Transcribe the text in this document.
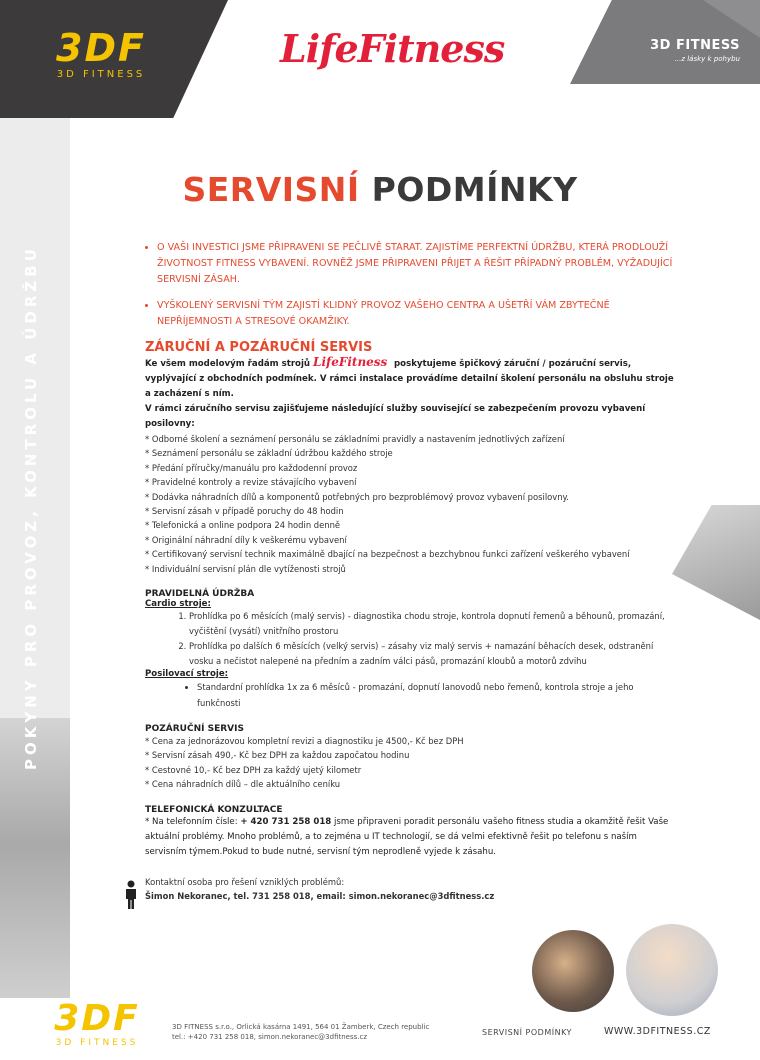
3DF
3D FITNESS
LifeFitness	3D FITNESS
...z lásky k pohybu
POKYNY PRO PROVOZ, KONTROLU A ÚDRŽBU
SERVISNÍ PODMÍNKY
• O VAŠI INVESTICI JSME PŘIPRAVENI SE PEČLIVĚ STARAT. ZAJISTÍME PERFEKTNÍ ÚDRŽBU, KTERÁ PRODLOUŽÍ ŽIVOTNOST FITNESS VYBAVENÍ. ROVNĚŽ JSME PŘIPRAVENI PŘIJET A ŘEŠIT PŘÍPADNÝ PROBLÉM, VYŽADUJÍCÍ SERVISNÍ ZÁSAH.
• VYŠKOLENÝ SERVISNÍ TÝM ZAJISTÍ KLIDNÝ PROVOZ VAŠEHO CENTRA A UŠETŘÍ VÁM ZBYTEČNÉ NEPŘÍJEMNOSTI A STRESOVÉ OKAMŽIKY.
ZÁRUČNÍ A POZÁRUČNÍ SERVIS
Ke všem modelovým řadám strojů LifeFitness poskytujeme špičkový záruční / pozáruční servis, vyplývající z obchodních podmínek. V rámci instalace provádíme detailní školení personálu na obsluhu stroje a zacházení s ním.
V rámci záručního servisu zajišťujeme následující služby související se zabezpečením provozu vybavení posilovny:
* Odborné školení a seznámení personálu se základními pravidly a nastavením jednotlivých zařízení
* Seznámení personálu se základní údržbou každého stroje
* Předání příručky/manuálu pro každodenní provoz
* Pravidelné kontroly a revize stávajícího vybavení
* Dodávka náhradních dílů a komponentů potřebných pro bezproblémový provoz vybavení posilovny.
* Servisní zásah v případě poruchy do 48 hodin
* Telefonická a online podpora 24 hodin denně
* Originální náhradní díly k veškerému vybavení
* Certifikovaný servisní technik maximálně dbající na bezpečnost a bezchybnou funkci zařízení veškerého vybavení
* Individuální servisní plán dle vytíženosti strojů
PRAVIDELNÁ ÚDRŽBA
Cardio stroje:
1. Prohlídka po 6 měsících (malý servis) - diagnostika chodu stroje, kontrola dopnutí řemenů a běhounů, promazání, vyčištění (vysátí) vnitřního prostoru
2. Prohlídka po dalších 6 měsících (velký servis) – zásahy viz malý servis + namazání běhacích desek, odstranění vosku a nečistot nalepené na předním a zadním válci pásů, promazání kloubů a motorů zdvihu
Posilovací stroje:
• Standardní prohlídka 1x za 6 měsíců - promazání, dopnutí lanovodů nebo řemenů, kontrola stroje a jeho funkčnosti
POZÁRUČNÍ SERVIS
* Cena za jednorázovou kompletní revizi a diagnostiku je 4500,- Kč bez DPH
* Servisní zásah 490,- Kč bez DPH za každou započatou hodinu
* Cestovné 10,- Kč bez DPH za každý ujetý kilometr
* Cena náhradních dílů – dle aktuálního ceníku
TELEFONICKÁ KONZULTACE
* Na telefonním čísle: + 420 731 258 018 jsme připraveni poradit personálu vašeho fitness studia a okamžitě řešit Vaše aktuální problémy. Mnoho problémů, a to zejména u IT technologií, se dá velmi efektivně řešit po telefonu s naším servisním týmem.Pokud to bude nutné, servisní tým neprodleně vyjede k zásahu.
Kontaktní osoba pro řešení vzniklých problémů:
Šimon Nekoranec, tel. 731 258 018, email: simon.nekoranec@3dfitness.cz
3DF
3D FITNESS
3D FITNESS s.r.o., Orlická kasárna 1491, 564 01 Žamberk, Czech republic
tel.: +420 731 258 018, simon.nekoranec@3dfitness.cz	SERVISNÍ PODMÍNKY	WWW.3DFITNESS.CZ
